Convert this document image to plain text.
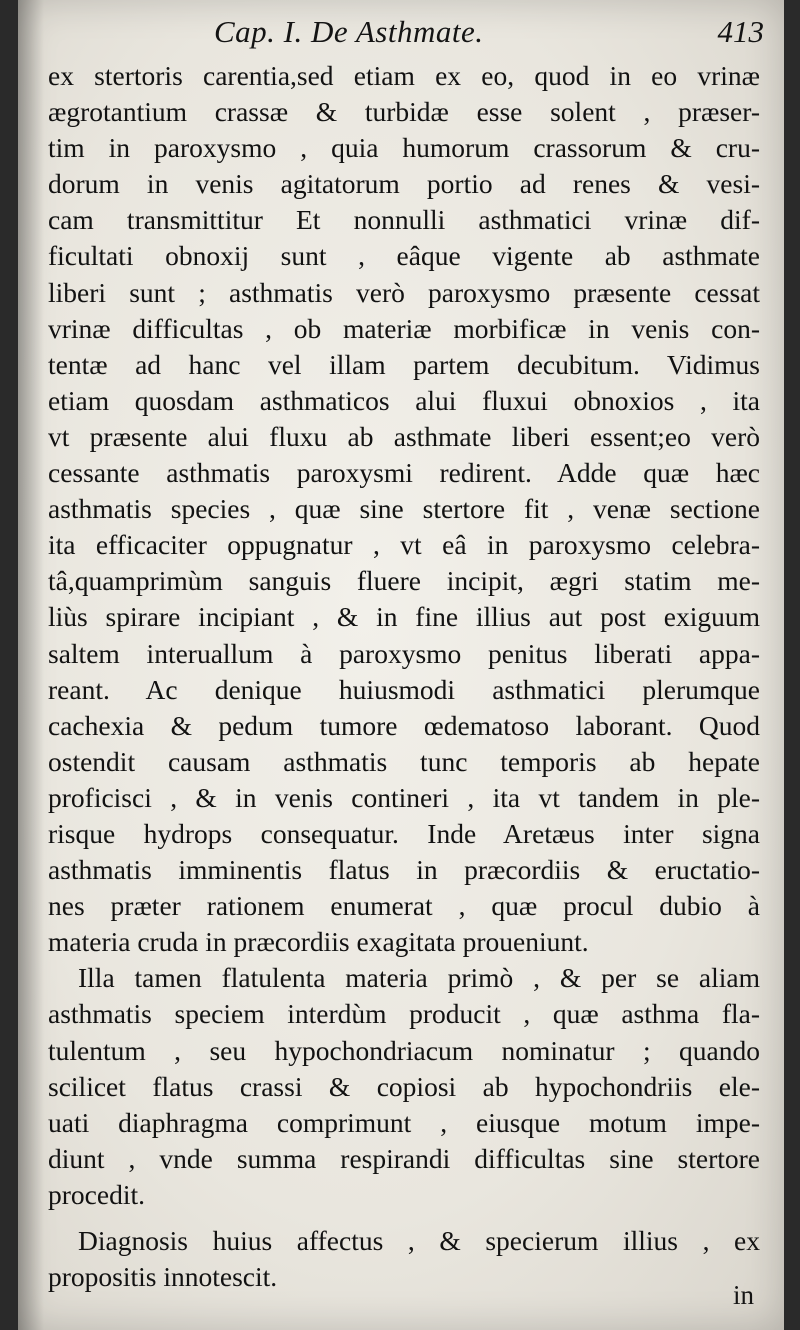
Cap. I. De Asthmate.	413
ex stertoris carentia,sed etiam ex eo, quod in eo vrinæ
ægrotantium crassæ & turbidæ esse solent , præser-
tim in paroxysmo , quia humorum crassorum & cru-
dorum in venis agitatorum portio ad renes & vesi-
cam transmittitur Et nonnulli asthmatici vrinæ dif-
ficultati obnoxij sunt , eâque vigente ab asthmate
liberi sunt ; asthmatis verò paroxysmo præsente cessat
vrinæ difficultas , ob materiæ morbificæ in venis con-
tentæ ad hanc vel illam partem decubitum. Vidimus
etiam quosdam asthmaticos alui fluxui obnoxios , ita
vt præsente alui fluxu ab asthmate liberi essent;eo verò
cessante asthmatis paroxysmi redirent. Adde quæ hæc
asthmatis species , quæ sine stertore fit , venæ sectione
ita efficaciter oppugnatur , vt eâ in paroxysmo celebra-
tâ,quamprimùm sanguis fluere incipit, ægri statim me-
liùs spirare incipiant , & in fine illius aut post exiguum
saltem interuallum à paroxysmo penitus liberati appa-
reant. Ac denique huiusmodi asthmatici plerumque
cachexia & pedum tumore œdematoso laborant. Quod
ostendit causam asthmatis tunc temporis ab hepate
proficisci , & in venis contineri , ita vt tandem in ple-
risque hydrops consequatur. Inde Aretæus inter signa
asthmatis imminentis flatus in præcordiis & eructatio-
nes præter rationem enumerat , quæ procul dubio à
materia cruda in præcordiis exagitata proueniunt.
Illa tamen flatulenta materia primò , & per se aliam
asthmatis speciem interdùm producit , quæ asthma fla-
tulentum , seu hypochondriacum nominatur ; quando
scilicet flatus crassi & copiosi ab hypochondriis ele-
uati diaphragma comprimunt , eiusque motum impe-
diunt , vnde summa respirandi difficultas sine stertore
procedit.
Diagnosis huius affectus , & specierum illius , ex
propositis innotescit.
in
